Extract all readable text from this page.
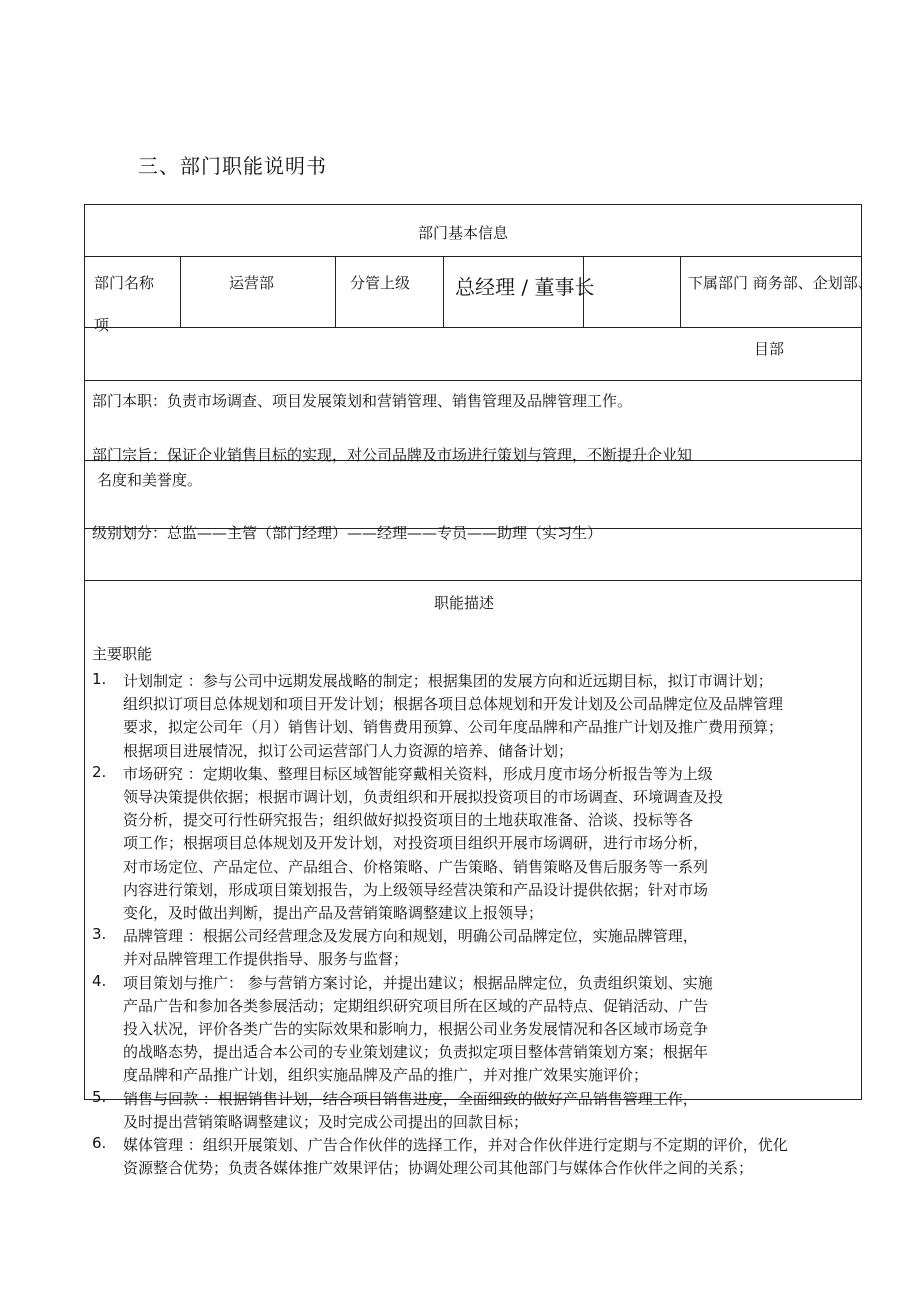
三、部门职能说明书
部门基本信息
部门名称	运营部	分管上级 总经理 / 董事长	下属部门 商务部、企划部、
项
目部
部门本职：负责市场调查、项目发展策划和营销管理、销售管理及品牌管理工作。
部门宗旨：保证企业销售目标的实现，对公司品牌及市场进行策划与管理，不断提升企业知
名度和美誉度。
级别划分：总监——主管（部门经理）——经理——专员——助理（实习生）
职能描述
主要职能
1. 计划制定 ：参与公司中远期发展战略的制定；根据集团的发展方向和近远期目标，拟订市调计划；
组织拟订项目总体规划和项目开发计划；根据各项目总体规划和开发计划及公司品牌定位及品牌管理
要求，拟定公司年（月）销售计划、销售费用预算、公司年度品牌和产品推广计划及推广费用预算；
根据项目进展情况，拟订公司运营部门人力资源的培养、储备计划；
2. 市场研究 ：定期收集、整理目标区域智能穿戴相关资料，形成月度市场分析报告等为上级
领导决策提供依据；根据市调计划，负责组织和开展拟投资项目的市场调查、环境调查及投
资分析，提交可行性研究报告；组织做好拟投资项目的土地获取准备、洽谈、投标等各
项工作；根据项目总体规划及开发计划，对投资项目组织开展市场调研，进行市场分析，
对市场定位、产品定位、产品组合、价格策略、广告策略、销售策略及售后服务等一系列
内容进行策划，形成项目策划报告，为上级领导经营决策和产品设计提供依据；针对市场
变化，及时做出判断，提出产品及营销策略调整建议上报领导；
3. 品牌管理 ：根据公司经营理念及发展方向和规划，明确公司品牌定位，实施品牌管理，
并对品牌管理工作提供指导、服务与监督；
4. 项目策划与推广： 参与营销方案讨论，并提出建议；根据品牌定位，负责组织策划、实施
产品广告和参加各类参展活动；定期组织研究项目所在区域的产品特点、促销活动、广告
投入状况，评价各类广告的实际效果和影响力，根据公司业务发展情况和各区域市场竞争
的战略态势，提出适合本公司的专业策划建议；负责拟定项目整体营销策划方案；根据年
度品牌和产品推广计划，组织实施品牌及产品的推广，并对推广效果实施评价；
5. 销售与回款 ：根据销售计划，结合项目销售进度，全面细致的做好产品销售管理工作，
及时提出营销策略调整建议；及时完成公司提出的回款目标；
6. 媒体管理 ：组织开展策划、广告合作伙伴的选择工作，并对合作伙伴进行定期与不定期的评价，优化
资源整合优势；负责各媒体推广效果评估；协调处理公司其他部门与媒体合作伙伴之间的关系；
